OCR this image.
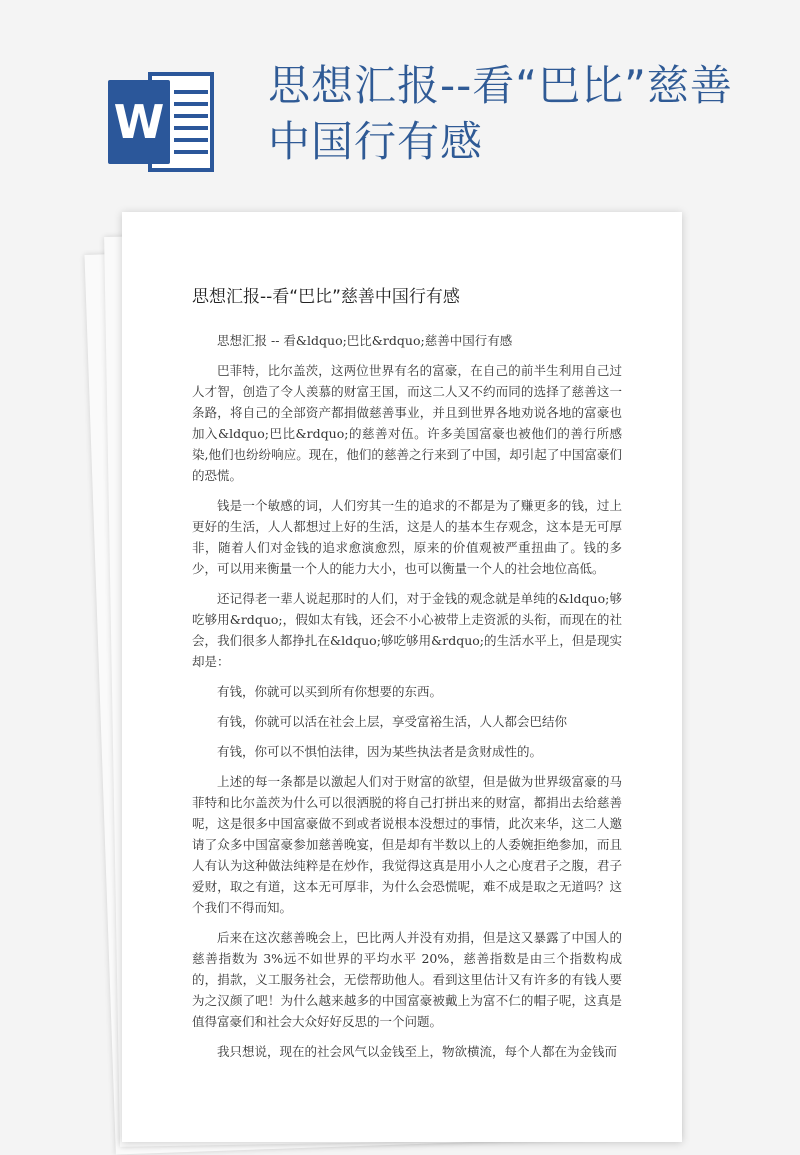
W
思想汇报--看“巴比”慈善中国行有感
思想汇报--看“巴比”慈善中国行有感

思想汇报 -- 看&ldquo;巴比&rdquo;慈善中国行有感

巴菲特，比尔盖茨，这两位世界有名的富豪，在自己的前半生利用自己过人才智，创造了令人羡慕的财富王国，而这二人又不约而同的选择了慈善这一条路，将自己的全部资产都捐做慈善事业，并且到世界各地劝说各地的富豪也加入&ldquo;巴比&rdquo;的慈善对伍。许多美国富豪也被他们的善行所感染,他们也纷纷响应。现在，他们的慈善之行来到了中国，却引起了中国富豪们的恐慌。

钱是一个敏感的词，人们穷其一生的追求的不都是为了赚更多的钱，过上更好的生活，人人都想过上好的生活，这是人的基本生存观念，这本是无可厚非，随着人们对金钱的追求愈演愈烈，原来的价值观被严重扭曲了。钱的多少，可以用来衡量一个人的能力大小，也可以衡量一个人的社会地位高低。

还记得老一辈人说起那时的人们，对于金钱的观念就是单纯的&ldquo;够吃够用&rdquo;，假如太有钱，还会不小心被带上走资派的头衔，而现在的社会，我们很多人都挣扎在&ldquo;够吃够用&rdquo;的生活水平上，但是现实却是：

有钱，你就可以买到所有你想要的东西。

有钱，你就可以活在社会上层，享受富裕生活，人人都会巴结你

有钱，你可以不惧怕法律，因为某些执法者是贪财成性的。

上述的每一条都是以激起人们对于财富的欲望，但是做为世界级富豪的马菲特和比尔盖茨为什么可以很洒脱的将自己打拼出来的财富，都捐出去给慈善呢，这是很多中国富豪做不到或者说根本没想过的事情，此次来华，这二人邀请了众多中国富豪参加慈善晚宴，但是却有半数以上的人委婉拒绝参加，而且人有认为这种做法纯粹是在炒作，我觉得这真是用小人之心度君子之腹，君子爱财，取之有道，这本无可厚非，为什么会恐慌呢，难不成是取之无道吗？这个我们不得而知。

后来在这次慈善晚会上，巴比两人并没有劝捐，但是这又暴露了中国人的慈善指数为 3%远不如世界的平均水平 20%，慈善指数是由三个指数构成的，捐款，义工服务社会，无偿帮助他人。看到这里估计又有许多的有钱人要为之汉颜了吧！为什么越来越多的中国富豪被戴上为富不仁的帽子呢，这真是值得富豪们和社会大众好好反思的一个问题。

我只想说，现在的社会风气以金钱至上，物欲横流，每个人都在为金钱而
